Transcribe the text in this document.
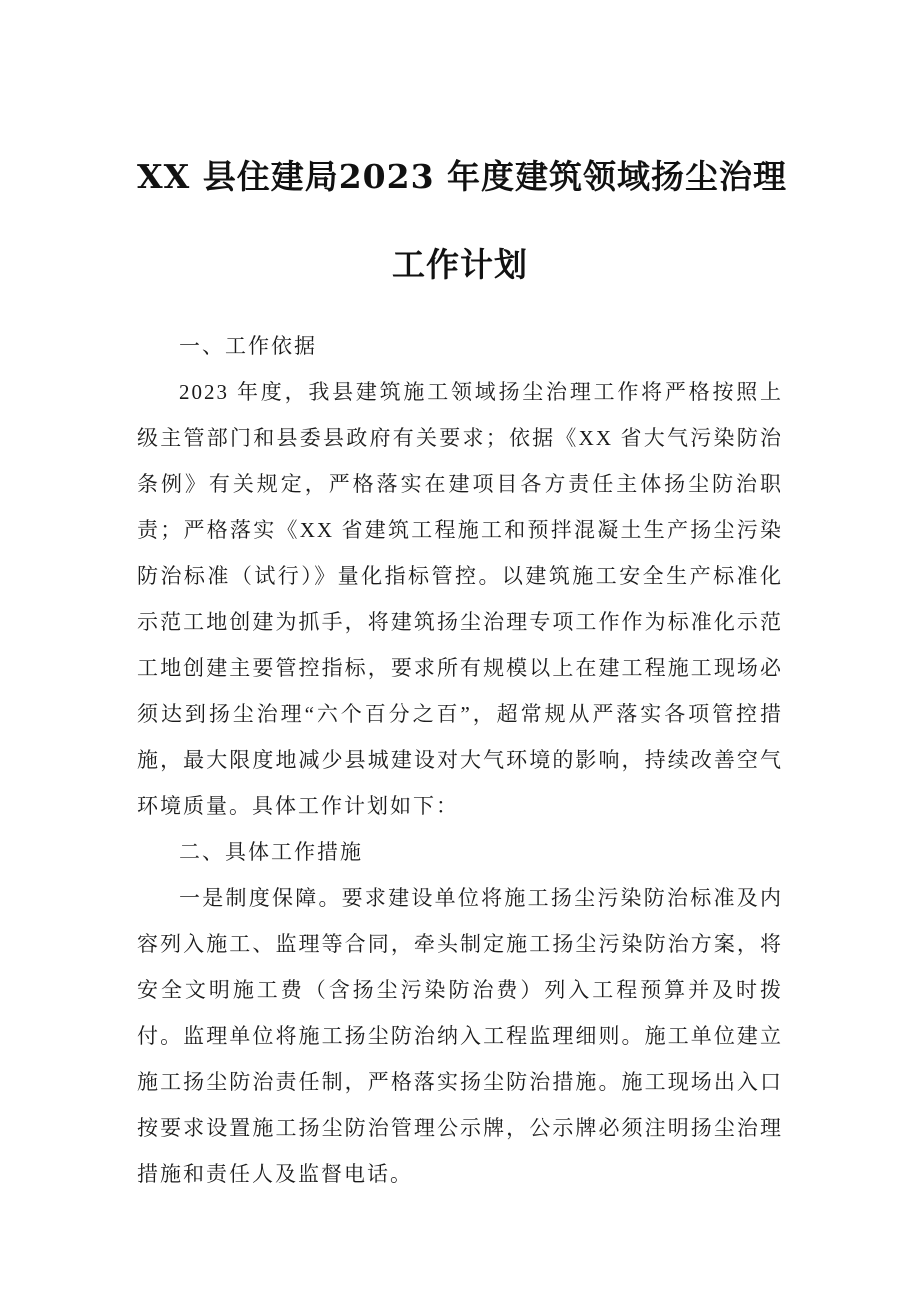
XX 县住建局2023 年度建筑领域扬尘治理
工作计划
一、工作依据

2023 年度，我县建筑施工领域扬尘治理工作将严格按照上级主管部门和县委县政府有关要求；依据《XX 省大气污染防治条例》有关规定，严格落实在建项目各方责任主体扬尘防治职责；严格落实《XX 省建筑工程施工和预拌混凝土生产扬尘污染防治标准（试行）》量化指标管控。以建筑施工安全生产标准化示范工地创建为抓手，将建筑扬尘治理专项工作作为标准化示范工地创建主要管控指标，要求所有规模以上在建工程施工现场必须达到扬尘治理“六个百分之百”，超常规从严落实各项管控措施，最大限度地减少县城建设对大气环境的影响，持续改善空气环境质量。具体工作计划如下：

二、具体工作措施

一是制度保障。要求建设单位将施工扬尘污染防治标准及内容列入施工、监理等合同，牵头制定施工扬尘污染防治方案，将安全文明施工费（含扬尘污染防治费）列入工程预算并及时拨付。监理单位将施工扬尘防治纳入工程监理细则。施工单位建立施工扬尘防治责任制，严格落实扬尘防治措施。施工现场出入口按要求设置施工扬尘防治管理公示牌，公示牌必须注明扬尘治理措施和责任人及监督电话。
